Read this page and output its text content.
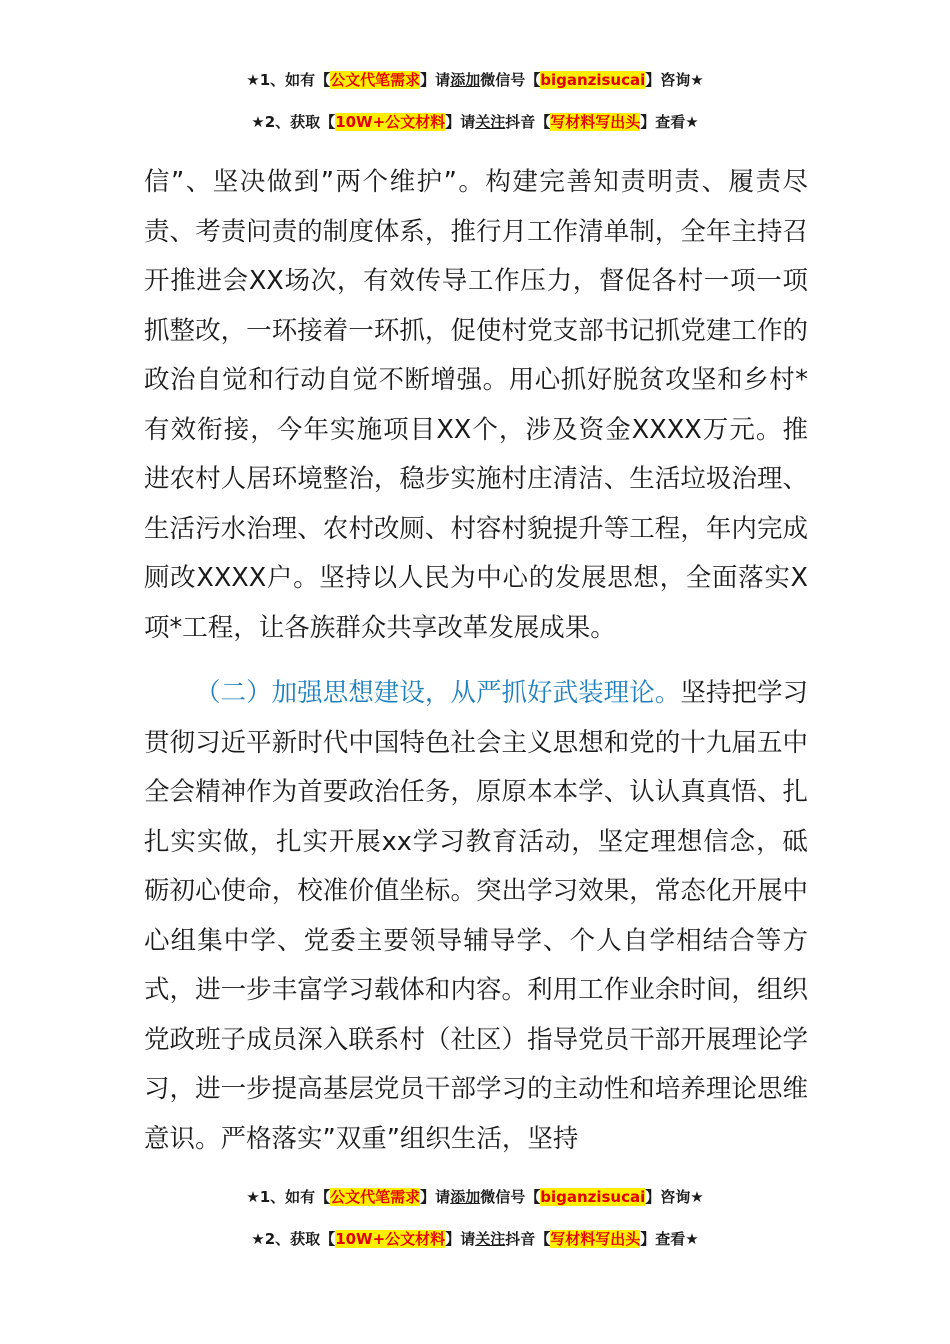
★1、如有【公文代笔需求】请添加微信号【biganzisucai】咨询★
★2、获取【10W+公文材料】请关注抖音【写材料写出头】查看★

信”、坚决做到”两个维护”。构建完善知责明责、履责尽责、考责问责的制度体系，推行月工作清单制，全年主持召开推进会XX场次，有效传导工作压力，督促各村一项一项抓整改，一环接着一环抓，促使村党支部书记抓党建工作的政治自觉和行动自觉不断增强。用心抓好脱贫攻坚和乡村*有效衔接，今年实施项目XX个，涉及资金XXXX万元。推进农村人居环境整治，稳步实施村庄清洁、生活垃圾治理、生活污水治理、农村改厕、村容村貌提升等工程，年内完成厕改XXXX户。坚持以人民为中心的发展思想，全面落实X项*工程，让各族群众共享改革发展成果。

（二）加强思想建设，从严抓好武装理论。坚持把学习贯彻习近平新时代中国特色社会主义思想和党的十九届五中全会精神作为首要政治任务，原原本本学、认认真真悟、扎扎实实做，扎实开展xx学习教育活动，坚定理想信念，砥砺初心使命，校准价值坐标。突出学习效果，常态化开展中心组集中学、党委主要领导辅导学、个人自学相结合等方式，进一步丰富学习载体和内容。利用工作业余时间，组织党政班子成员深入联系村（社区）指导党员干部开展理论学习，进一步提高基层党员干部学习的主动性和培养理论思维意识。严格落实”双重”组织生活，坚持

★1、如有【公文代笔需求】请添加微信号【biganzisucai】咨询★
★2、获取【10W+公文材料】请关注抖音【写材料写出头】查看★
